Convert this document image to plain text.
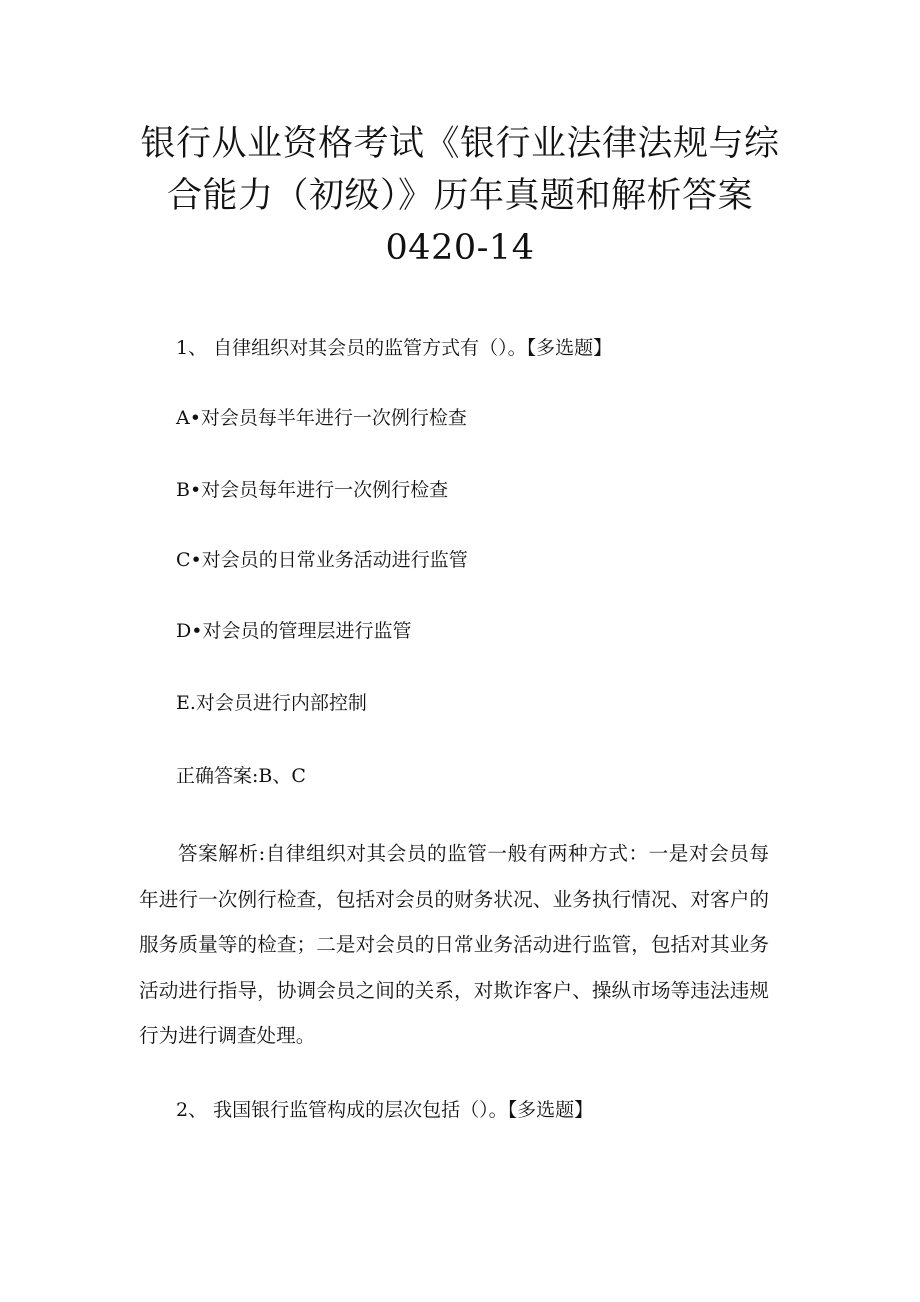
银行从业资格考试《银行业法律法规与综
合能力（初级）》历年真题和解析答案
0420-14
1、 自律组织对其会员的监管方式有（）。【多选题】
A•对会员每半年进行一次例行检查
B•对会员每年进行一次例行检查
C•对会员的日常业务活动进行监管
D•对会员的管理层进行监管
E.对会员进行内部控制
正确答案:B、C

答案解析:自律组织对其会员的监管一般有两种方式：一是对会员每年进行一次例行检查，包括对会员的财务状况、业务执行情况、对客户的服务质量等的检查；二是对会员的日常业务活动进行监管，包括对其业务活动进行指导，协调会员之间的关系，对欺诈客户、操纵市场等违法违规行为进行调查处理。

2、 我国银行监管构成的层次包括（）。【多选题】
